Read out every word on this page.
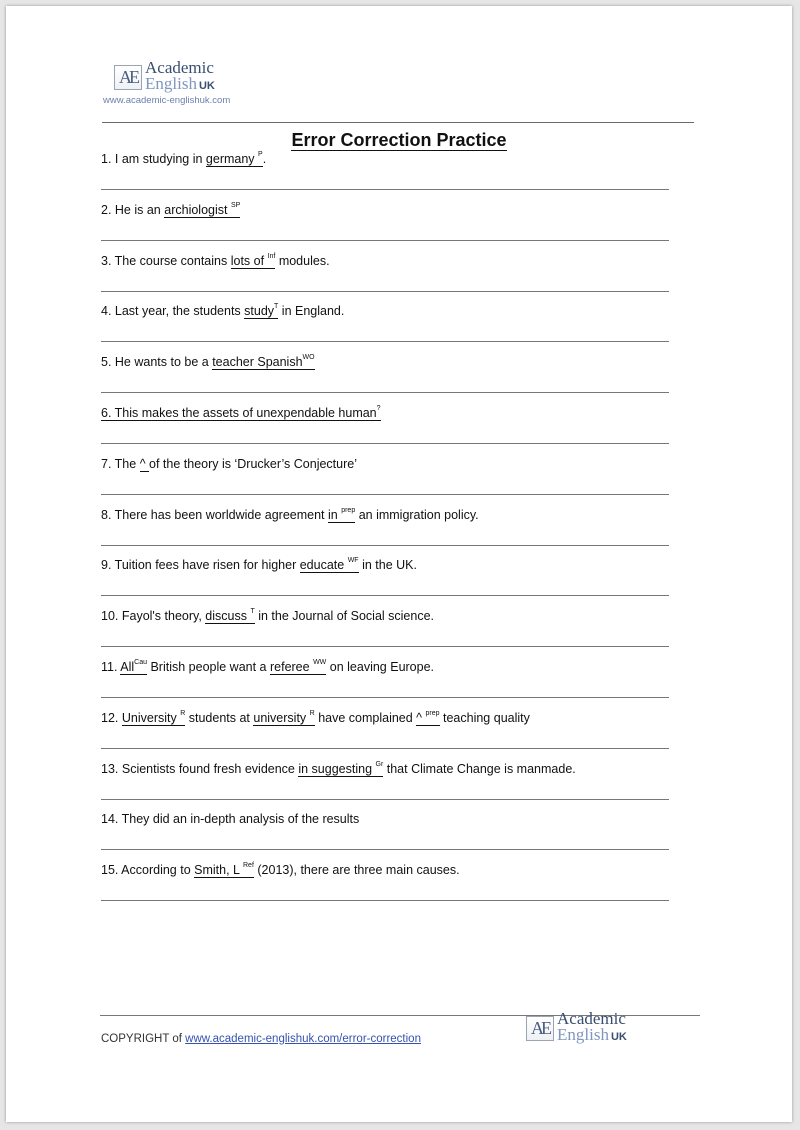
AE Academic
English UK
www.academic-englishuk.com
Error Correction Practice
1. I am studying in germany $^P$.
2. He is an archiologist $^{SP}$
3. The course contains lots of $^{Inf}$ modules.
4. Last year, the students study$^T$ in England.
5. He wants to be a teacher Spanish$^{WO}$
6. This makes the assets of unexpendable human?
7. The ^ of the theory is ‘Drucker’s Conjecture’
8. There has been worldwide agreement in $^{prep}$ an immigration policy.
9. Tuition fees have risen for higher educate $^{WF}$ in the UK.
10. Fayol's theory, discuss $^T$ in the Journal of Social science.
11. All$^{Cau}$ British people want a referee $^{WW}$ on leaving Europe.
12. University $^R$ students at university $^R$ have complained ^ $^{prep}$ teaching quality
13. Scientists found fresh evidence in suggesting $^{Gr}$ that Climate Change is manmade.
14. They did an in-depth analysis of the results
15. According to Smith, L $^{Ref}$ (2013), there are three main causes.
COPYRIGHT of www.academic-englishuk.com/error-correction
AE Academic
English UK
